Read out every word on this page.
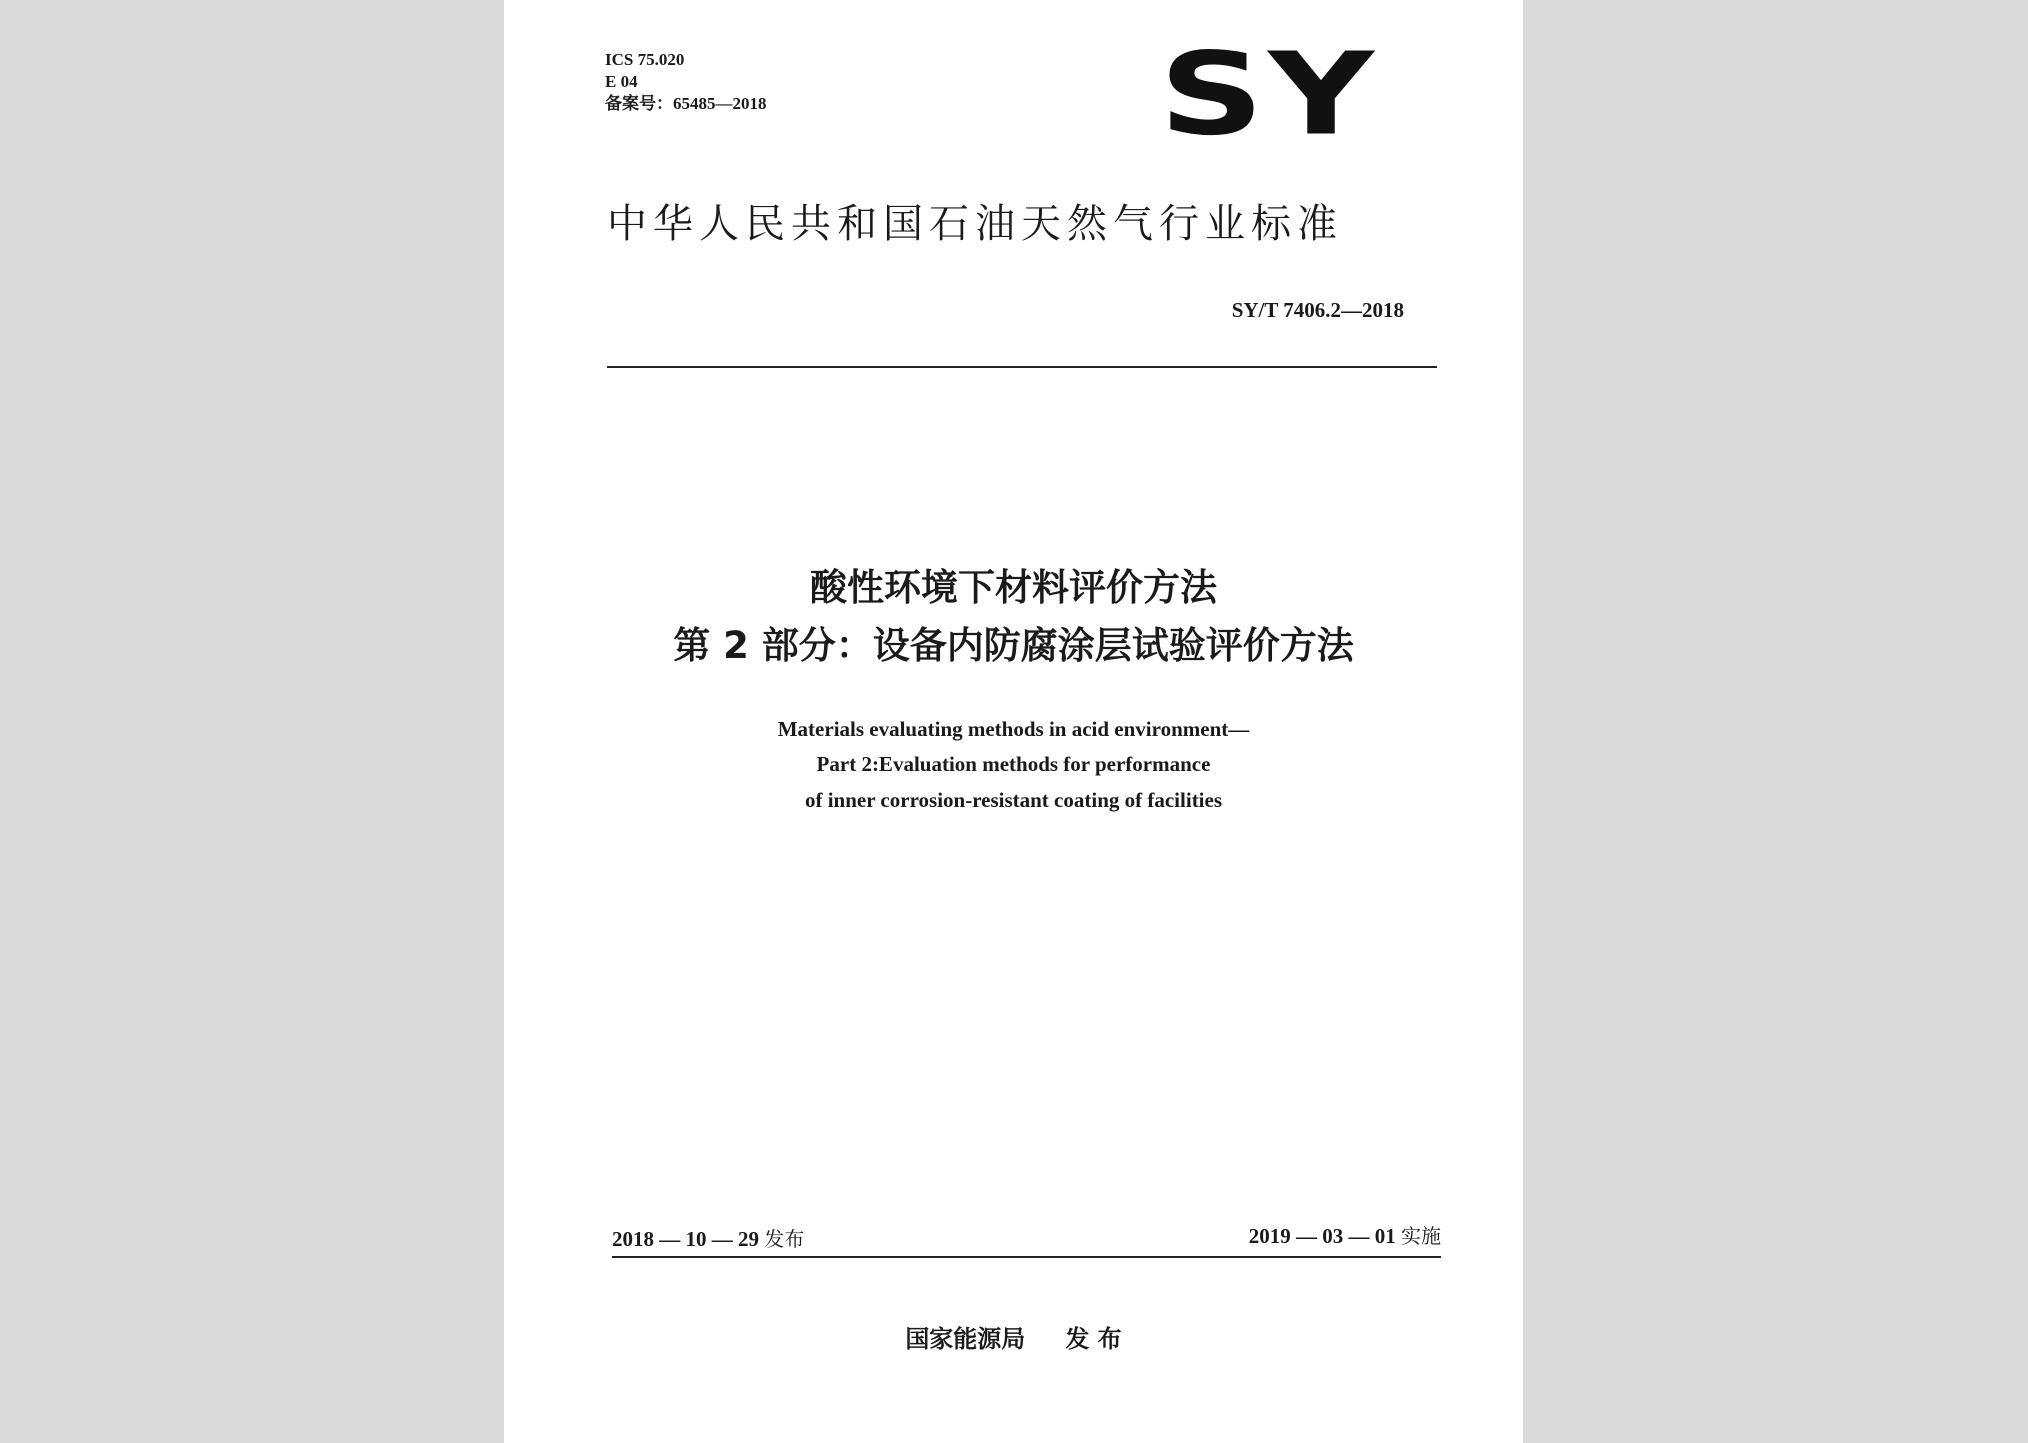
ICS 75.020
E 04
备案号：65485—2018	SY
中华人民共和国石油天然气行业标准
SY/T 7406.2—2018
酸性环境下材料评价方法
第 2 部分：设备内防腐涂层试验评价方法
Materials evaluating methods in acid environment—
Part 2:Evaluation methods for performance
of inner corrosion-resistant coating of facilities
2018 — 10 — 29 发布	2019 — 03 — 01 实施
国家能源局 发 布
